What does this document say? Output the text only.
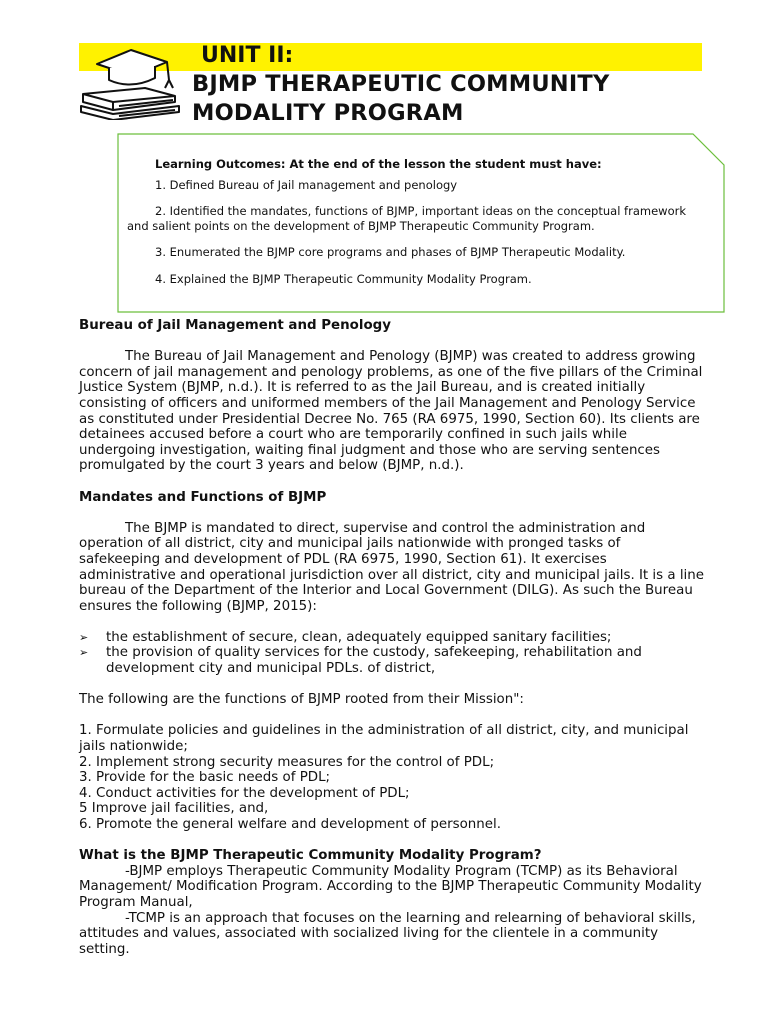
UNIT II:
BJMP THERAPEUTIC COMMUNITY
MODALITY PROGRAM
Learning Outcomes: At the end of the lesson the student must have:
1. Defined Bureau of Jail management and penology
2. Identified the mandates, functions of BJMP, important ideas on the conceptual framework and salient points on the development of BJMP Therapeutic Community Program.
3. Enumerated the BJMP core programs and phases of BJMP Therapeutic Modality.
4. Explained the BJMP Therapeutic Community Modality Program.

Bureau of Jail Management and Penology

The Bureau of Jail Management and Penology (BJMP) was created to address growing concern of jail management and penology problems, as one of the five pillars of the Criminal Justice System (BJMP, n.d.). It is referred to as the Jail Bureau, and is created initially consisting of officers and uniformed members of the Jail Management and Penology Service as constituted under Presidential Decree No. 765 (RA 6975, 1990, Section 60). Its clients are detainees accused before a court who are temporarily confined in such jails while undergoing investigation, waiting final judgment and those who are serving sentences promulgated by the court 3 years and below (BJMP, n.d.).

Mandates and Functions of BJMP

The BJMP is mandated to direct, supervise and control the administration and operation of all district, city and municipal jails nationwide with pronged tasks of safekeeping and development of PDL (RA 6975, 1990, Section 61). It exercises administrative and operational jurisdiction over all district, city and municipal jails. It is a line bureau of the Department of the Interior and Local Government (DILG). As such the Bureau ensures the following (BJMP, 2015):

➢ the establishment of secure, clean, adequately equipped sanitary facilities;
➢ the provision of quality services for the custody, safekeeping, rehabilitation and development city and municipal PDLs. of district,

The following are the functions of BJMP rooted from their Mission":

1. Formulate policies and guidelines in the administration of all district, city, and municipal jails nationwide;

2. Implement strong security measures for the control of PDL;

3. Provide for the basic needs of PDL;

4. Conduct activities for the development of PDL;

5 Improve jail facilities, and,

6. Promote the general welfare and development of personnel.

What is the BJMP Therapeutic Community Modality Program?

-BJMP employs Therapeutic Community Modality Program (TCMP) as its Behavioral Management/ Modification Program. According to the BJMP Therapeutic Community Modality Program Manual,

-TCMP is an approach that focuses on the learning and relearning of behavioral skills, attitudes and values, associated with socialized living for the clientele in a community setting.
